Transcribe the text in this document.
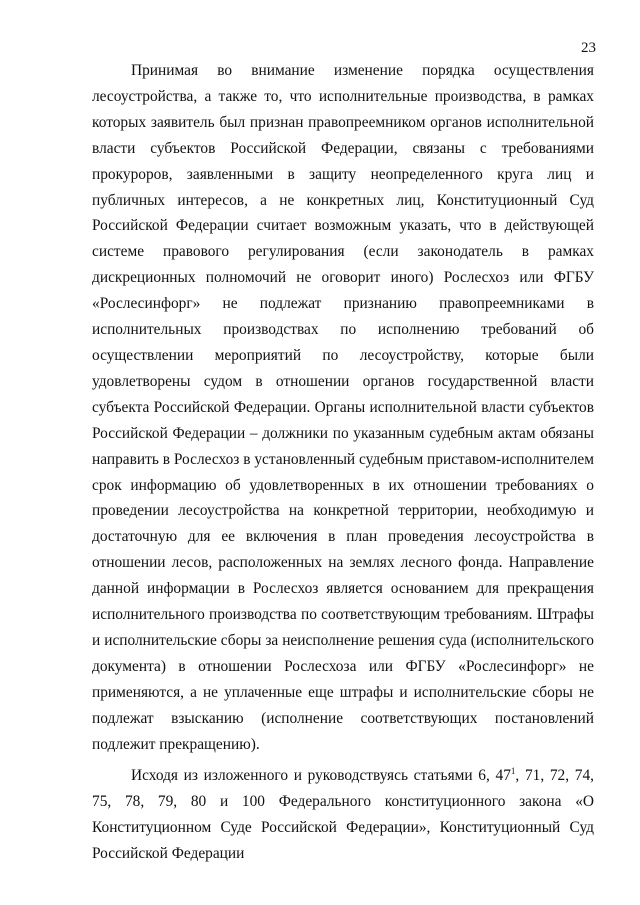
23

Принимая во внимание изменение порядка осуществления лесоустройства, а также то, что исполнительные производства, в рамках которых заявитель был признан правопреемником органов исполнительной власти субъектов Российской Федерации, связаны с требованиями прокуроров, заявленными в защиту неопределенного круга лиц и публичных интересов, а не конкретных лиц, Конституционный Суд Российской Федерации считает возможным указать, что в действующей системе правового регулирования (если законодатель в рамках дискреционных полномочий не оговорит иного) Рослесхоз или ФГБУ «Рослесинфорг» не подлежат признанию правопреемниками в исполнительных производствах по исполнению требований об осуществлении мероприятий по лесоустройству, которые были удовлетворены судом в отношении органов государственной власти субъекта Российской Федерации. Органы исполнительной власти субъектов Российской Федерации – должники по указанным судебным актам обязаны направить в Рослесхоз в установленный судебным приставом-исполнителем срок информацию об удовлетворенных в их отношении требованиях о проведении лесоустройства на конкретной территории, необходимую и достаточную для ее включения в план проведения лесоустройства в отношении лесов, расположенных на землях лесного фонда. Направление данной информации в Рослесхоз является основанием для прекращения исполнительного производства по соответствующим требованиям. Штрафы и исполнительские сборы за неисполнение решения суда (исполнительского документа) в отношении Рослесхоза или ФГБУ «Рослесинфорг» не применяются, а не уплаченные еще штрафы и исполнительские сборы не подлежат взысканию (исполнение соответствующих постановлений подлежит прекращению).

Исходя из изложенного и руководствуясь статьями 6, $47^1$, 71, 72, 74, 75, 78, 79, 80 и 100 Федерального конституционного закона «О Конституционном Суде Российской Федерации», Конституционный Суд Российской Федерации
